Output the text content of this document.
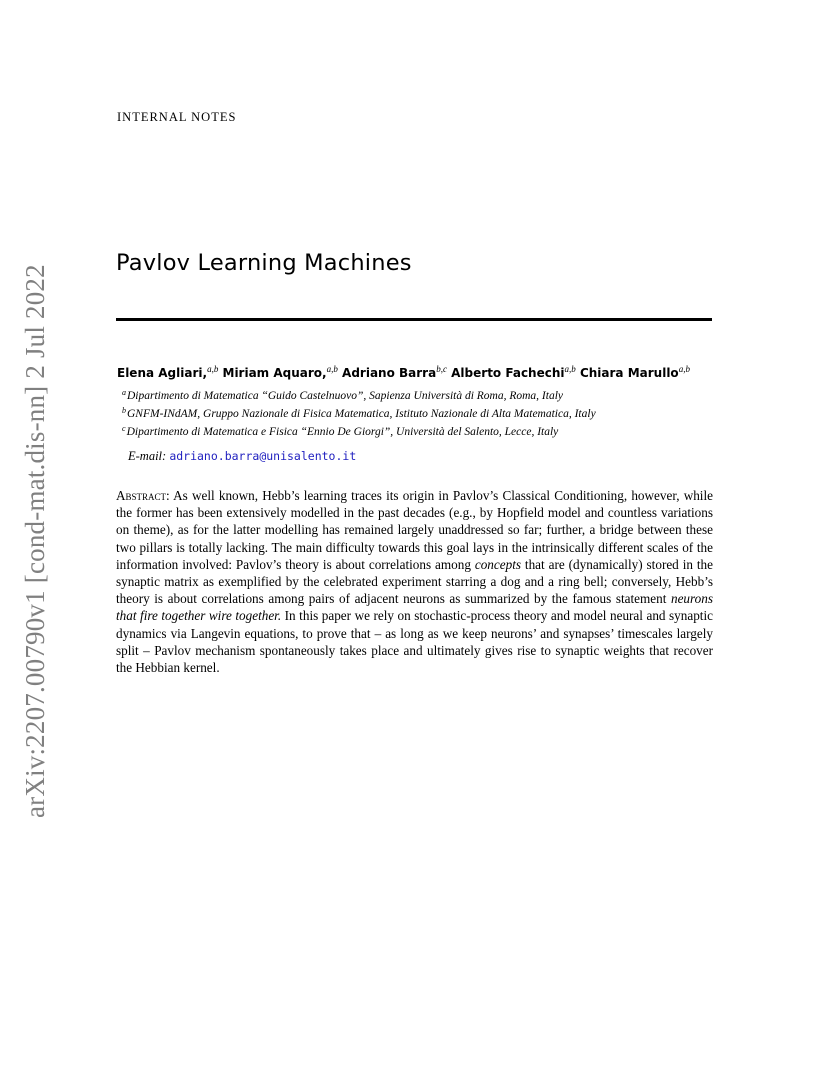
arXiv:2207.00790v1 [cond-mat.dis-nn] 2 Jul 2022
INTERNAL NOTES
Pavlov Learning Machines
Elena Agliari,$^{a,b}$ Miriam Aquaro,$^{a,b}$ Adriano Barra$^{b,c}$ Alberto Fachechi$^{a,b}$ Chiara Marullo$^{a,b}$
$^a$Dipartimento di Matematica “Guido Castelnuovo”, Sapienza Università di Roma, Roma, Italy
$^b$GNFM-INdAM, Gruppo Nazionale di Fisica Matematica, Istituto Nazionale di Alta Matematica, Italy
$^c$Dipartimento di Matematica e Fisica “Ennio De Giorgi”, Università del Salento, Lecce, Italy
E-mail: adriano.barra@unisalento.it
Abstract: As well known, Hebb’s learning traces its origin in Pavlov’s Classical Conditioning, however, while the former has been extensively modelled in the past decades (e.g., by Hopfield model and countless variations on theme), as for the latter modelling has remained largely unaddressed so far; further, a bridge between these two pillars is totally lacking. The main difficulty towards this goal lays in the intrinsically different scales of the information involved: Pavlov’s theory is about correlations among concepts that are (dynamically) stored in the synaptic matrix as exemplified by the celebrated experiment starring a dog and a ring bell; conversely, Hebb’s theory is about correlations among pairs of adjacent neurons as summarized by the famous statement neurons that fire together wire together. In this paper we rely on stochastic-process theory and model neural and synaptic dynamics via Langevin equations, to prove that – as long as we keep neurons’ and synapses’ timescales largely split – Pavlov mechanism spontaneously takes place and ultimately gives rise to synaptic weights that recover the Hebbian kernel.
